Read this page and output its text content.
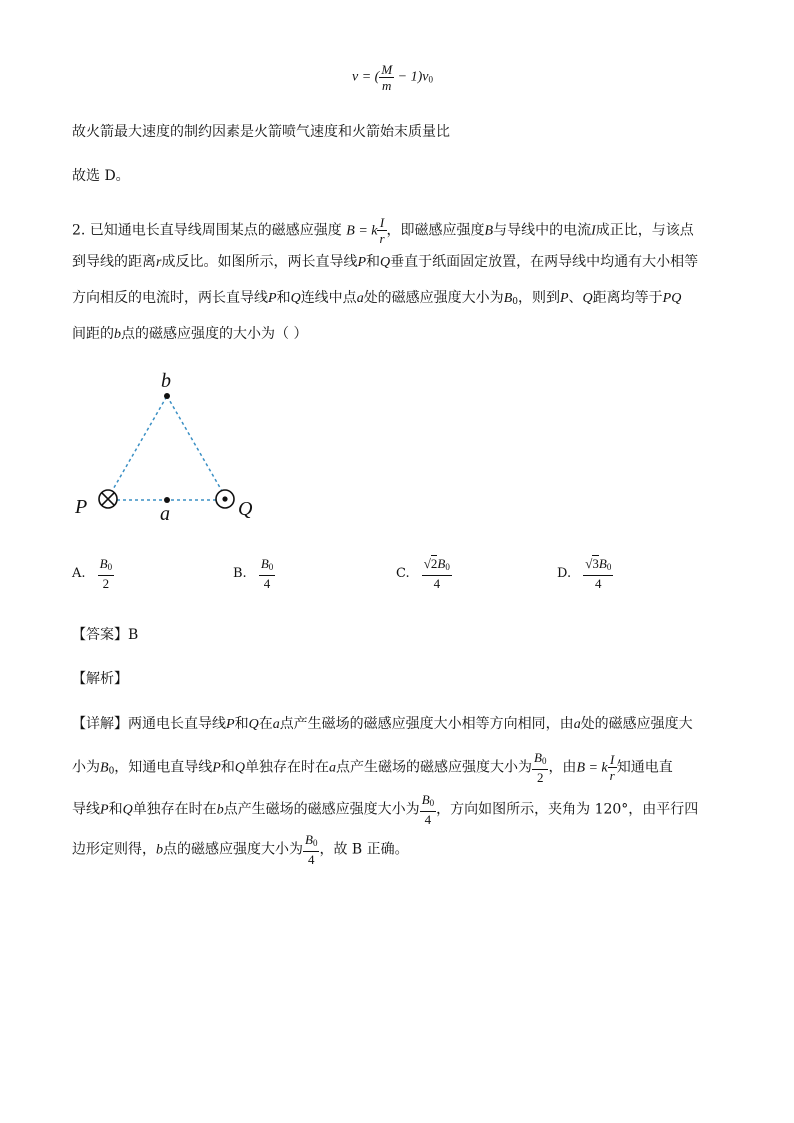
v = ( $\frac{M}{m} - 1)v_0$
故火箭最大速度的制约因素是火箭喷气速度和火箭始末质量比
故选 D。
2. 已知通电长直导线周围某点的磁感应强度 B = k $\frac{I}{r}$ ，即磁感应强度B与导线中的电流I成正比，与该点
到导线的距离r成反比。如图所示，两长直导线P和Q垂直于纸面固定放置，在两导线中均通有大小相等
方向相反的电流时，两长直导线P和Q连线中点a处的磁感应强度大小为$B_0$，则到P、Q距离均等于PQ
间距的b点的磁感应强度的大小为（ ）
b
a
P	Q
A. $\frac{B_0}{2}$	B. $\frac{B_0}{4}$	C. $\frac{√2B_0}{4}$	D. $\frac{√3B_0}{4}$
【答案】B
【解析】
【详解】两通电长直导线P和Q在a点产生磁场的磁感应强度大小相等方向相同，由a处的磁感应强度大
小为$B_0$，知通电直导线P和Q单独存在时在a点产生磁场的磁感应强度大小为 $\frac{B_0}{2}$ ，由B = k $\frac{I}{r}$ 知通电直
导线P和Q单独存在时在b点产生磁场的磁感应强度大小为 $\frac{B_0}{4}$ ，方向如图所示，夹角为 120°，由平行四
边形定则得，b点的磁感应强度大小为 $\frac{B_0}{4}$ ，故 B 正确。
